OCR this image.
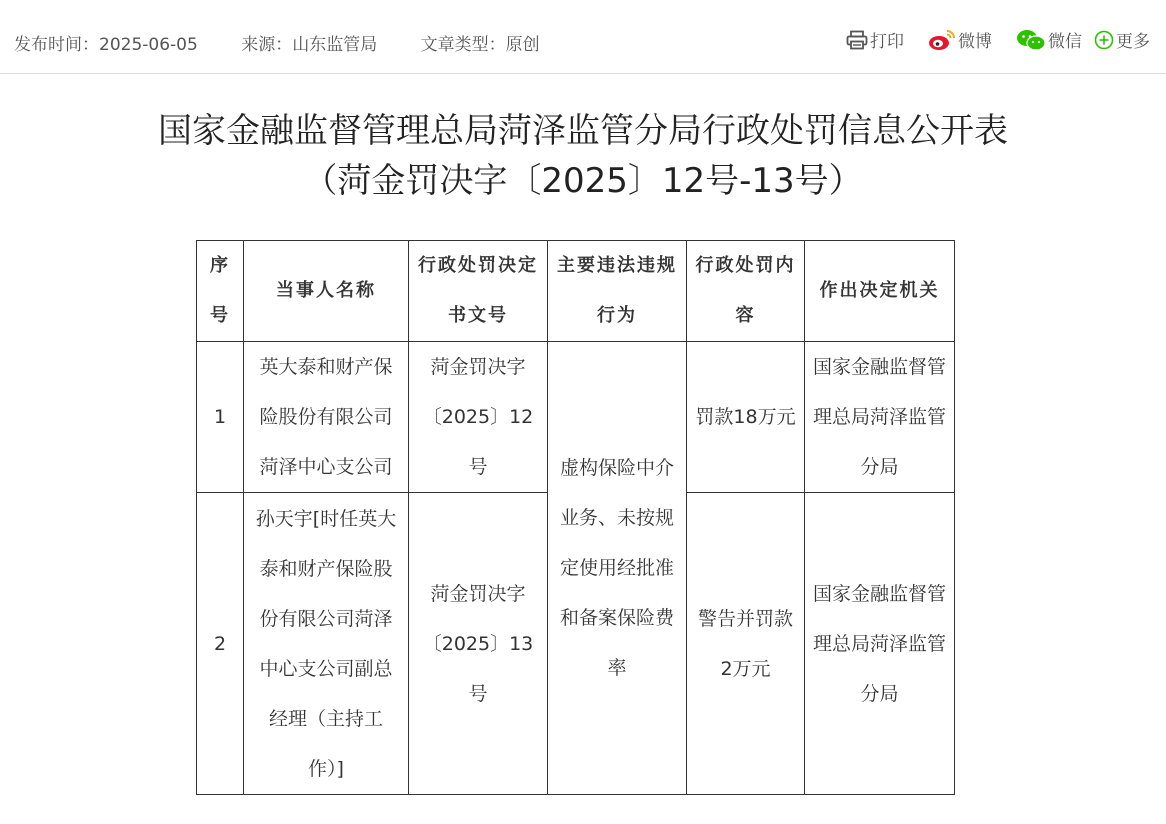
发布时间：2025-06-05	来源：山东监管局	文章类型：原创	打印	微博	微信 更多
国家金融监督管理总局菏泽监管分局行政处罚信息公开表
（菏金罚决字〔2025〕12号-13号）
序号	当事人名称	行政处罚决定书文号	主要违法违规行为	行政处罚内容	作出决定机关
1	英大泰和财产保险股份有限公司菏泽中心支公司	菏金罚决字〔2025〕12号	虚构保险中介业务、未按规定使用经批准和备案保险费率	罚款18万元	国家金融监督管理总局菏泽监管分局
2	孙天宇[时任英大泰和财产保险股份有限公司菏泽中心支公司副总经理（主持工作）]	菏金罚决字〔2025〕13号		警告并罚款2万元	国家金融监督管理总局菏泽监管分局
